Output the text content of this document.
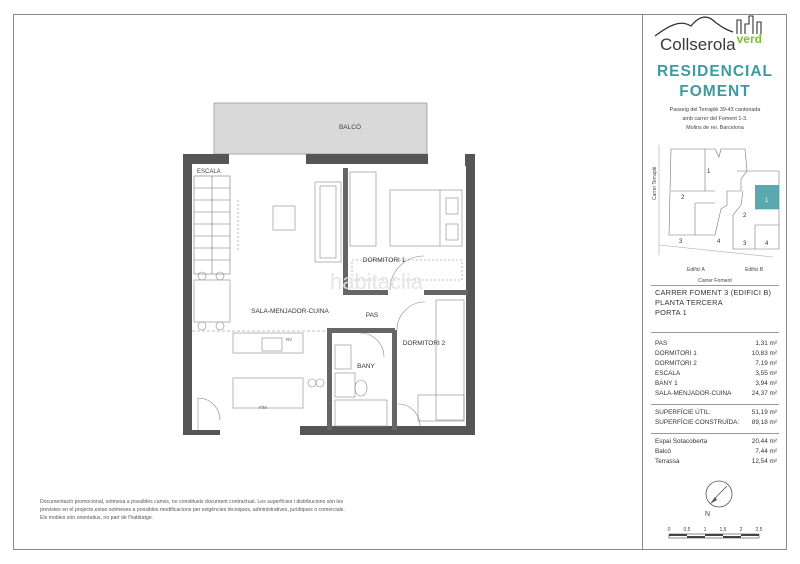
BALCÓ
ESCALA
SALA-MENJADOR-CUINA
RV
F/M
DORMITORI 1
PAS
DORMITORI 2
BANY
habitaclia
Documentació promocional, sotmesa a possibles canvis, no constitueix document contractual. Les superfícies i distribucions són les
previstes en el projecte,estan sotmeses a possibles modificacions per exigències tècniques, administratives, jurídiques o comercials.
Els mobles són orientatius, no part de l'habitatge.
Collserola$^{verd}$
RESIDENCIAL
FOMENT
Passeig del Terraplè 39-43 cantonada
amb carrer del Foment 1-3.
Molins de rei. Barcelona
1
2
3	4
1
2
3	4
Carrer Terraplè
Edifici A	Edifici B
Carrer Foment
CARRER FOMENT 3 (EDIFICI B)
PLANTA TERCERA
PORTA 1
PAS	1,31 m²
DORMITORI 1	10,83 m²
DORMITORI 2	7,19 m²
ESCALA	3,55 m²
BANY 1	3,94 m²
SALA-MENJADOR-CUINA	24,37 m²
SUPERFÍCIE ÚTIL:	51,19 m²
SUPERFÍCIE CONSTRUÏDA: 89,18 m²
Espai Sotacoberta	20,44 m²
Balcó	7,44 m²
Terrassa	12,54 m²
N
0	0,5	1	1,5	2	2,5
